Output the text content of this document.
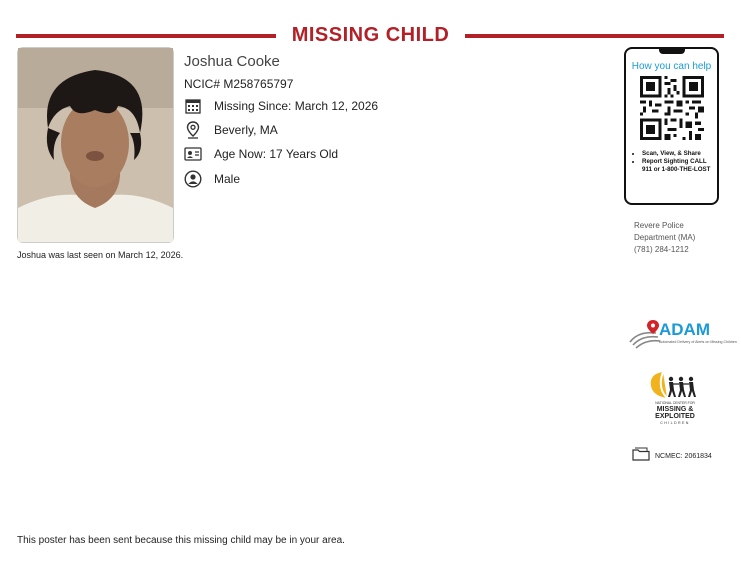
MISSING CHILD
Joshua Cooke
NCIC# M258765797
Missing Since: March 12, 2026
Beverly, MA
Age Now: 17 Years Old
Male
Joshua was last seen on March 12, 2026.
How you can help
• Scan, View, & Share
• Report Sighting CALL 911 or 1-800-THE-LOST
Revere Police
Department (MA)
(781) 284-1212
ADAM
Automated Delivery of Alerts on Missing Children
NATIONAL CENTER FOR
MISSING &
EXPLOITED
CHILDREN
NCMEC: 2061834
This poster has been sent because this missing child may be in your area.
